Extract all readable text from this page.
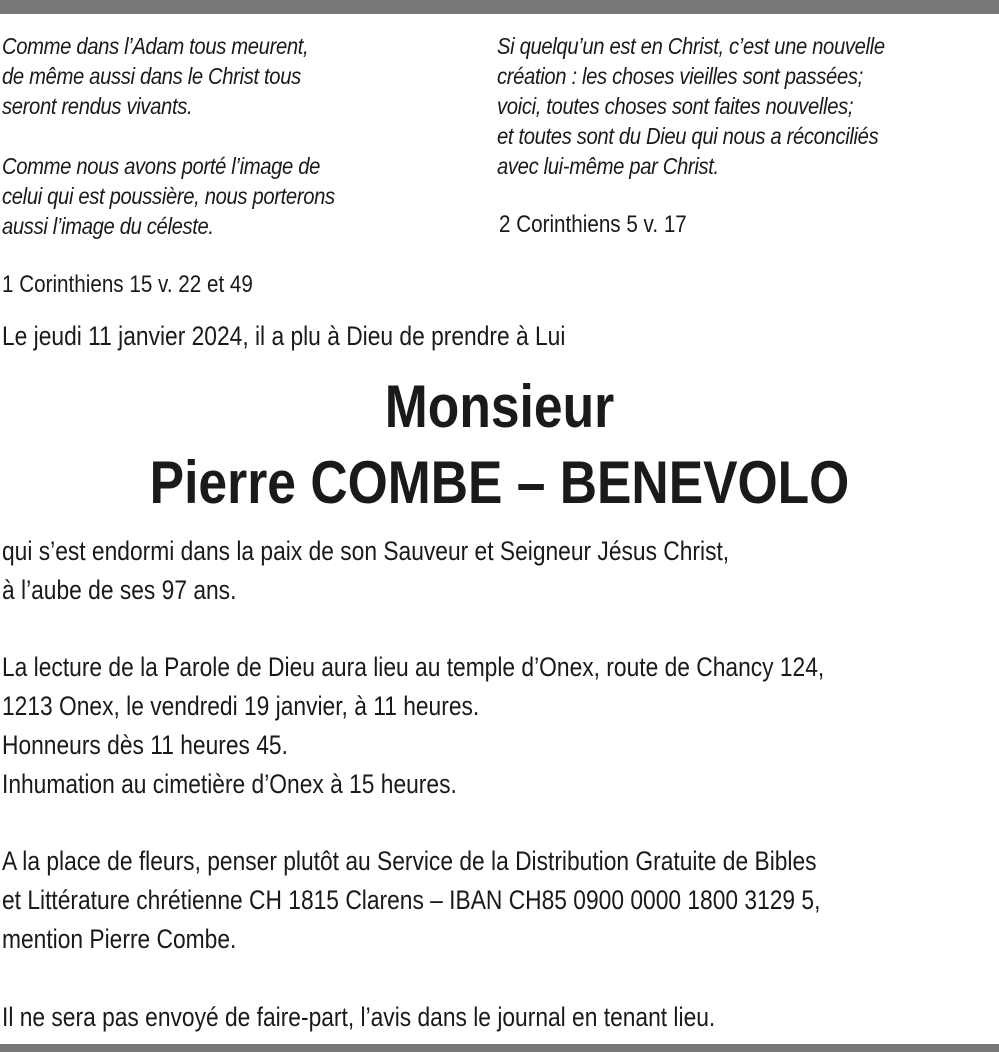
Comme dans l’Adam tous meurent,
de même aussi dans le Christ tous
seront rendus vivants.

Comme nous avons porté l’image de
celui qui est poussière, nous porterons
aussi l’image du céleste.

1 Corinthiens 15 v. 22 et 49

Si quelqu’un est en Christ, c’est une nouvelle
création : les choses vieilles sont passées;
voici, toutes choses sont faites nouvelles;
et toutes sont du Dieu qui nous a réconciliés
avec lui-même par Christ.

2 Corinthiens 5 v. 17

Le jeudi 11 janvier 2024, il a plu à Dieu de prendre à Lui

Monsieur
Pierre COMBE – BENEVOLO

qui s’est endormi dans la paix de son Sauveur et Seigneur Jésus Christ,

à l’aube de ses 97 ans.

La lecture de la Parole de Dieu aura lieu au temple d’Onex, route de Chancy 124,

1213 Onex, le vendredi 19 janvier, à 11 heures.

Honneurs dès 11 heures 45.

Inhumation au cimetière d’Onex à 15 heures.

A la place de fleurs, penser plutôt au Service de la Distribution Gratuite de Bibles

et Littérature chrétienne CH 1815 Clarens – IBAN CH85 0900 0000 1800 3129 5,

mention Pierre Combe.

Il ne sera pas envoyé de faire-part, l’avis dans le journal en tenant lieu.
